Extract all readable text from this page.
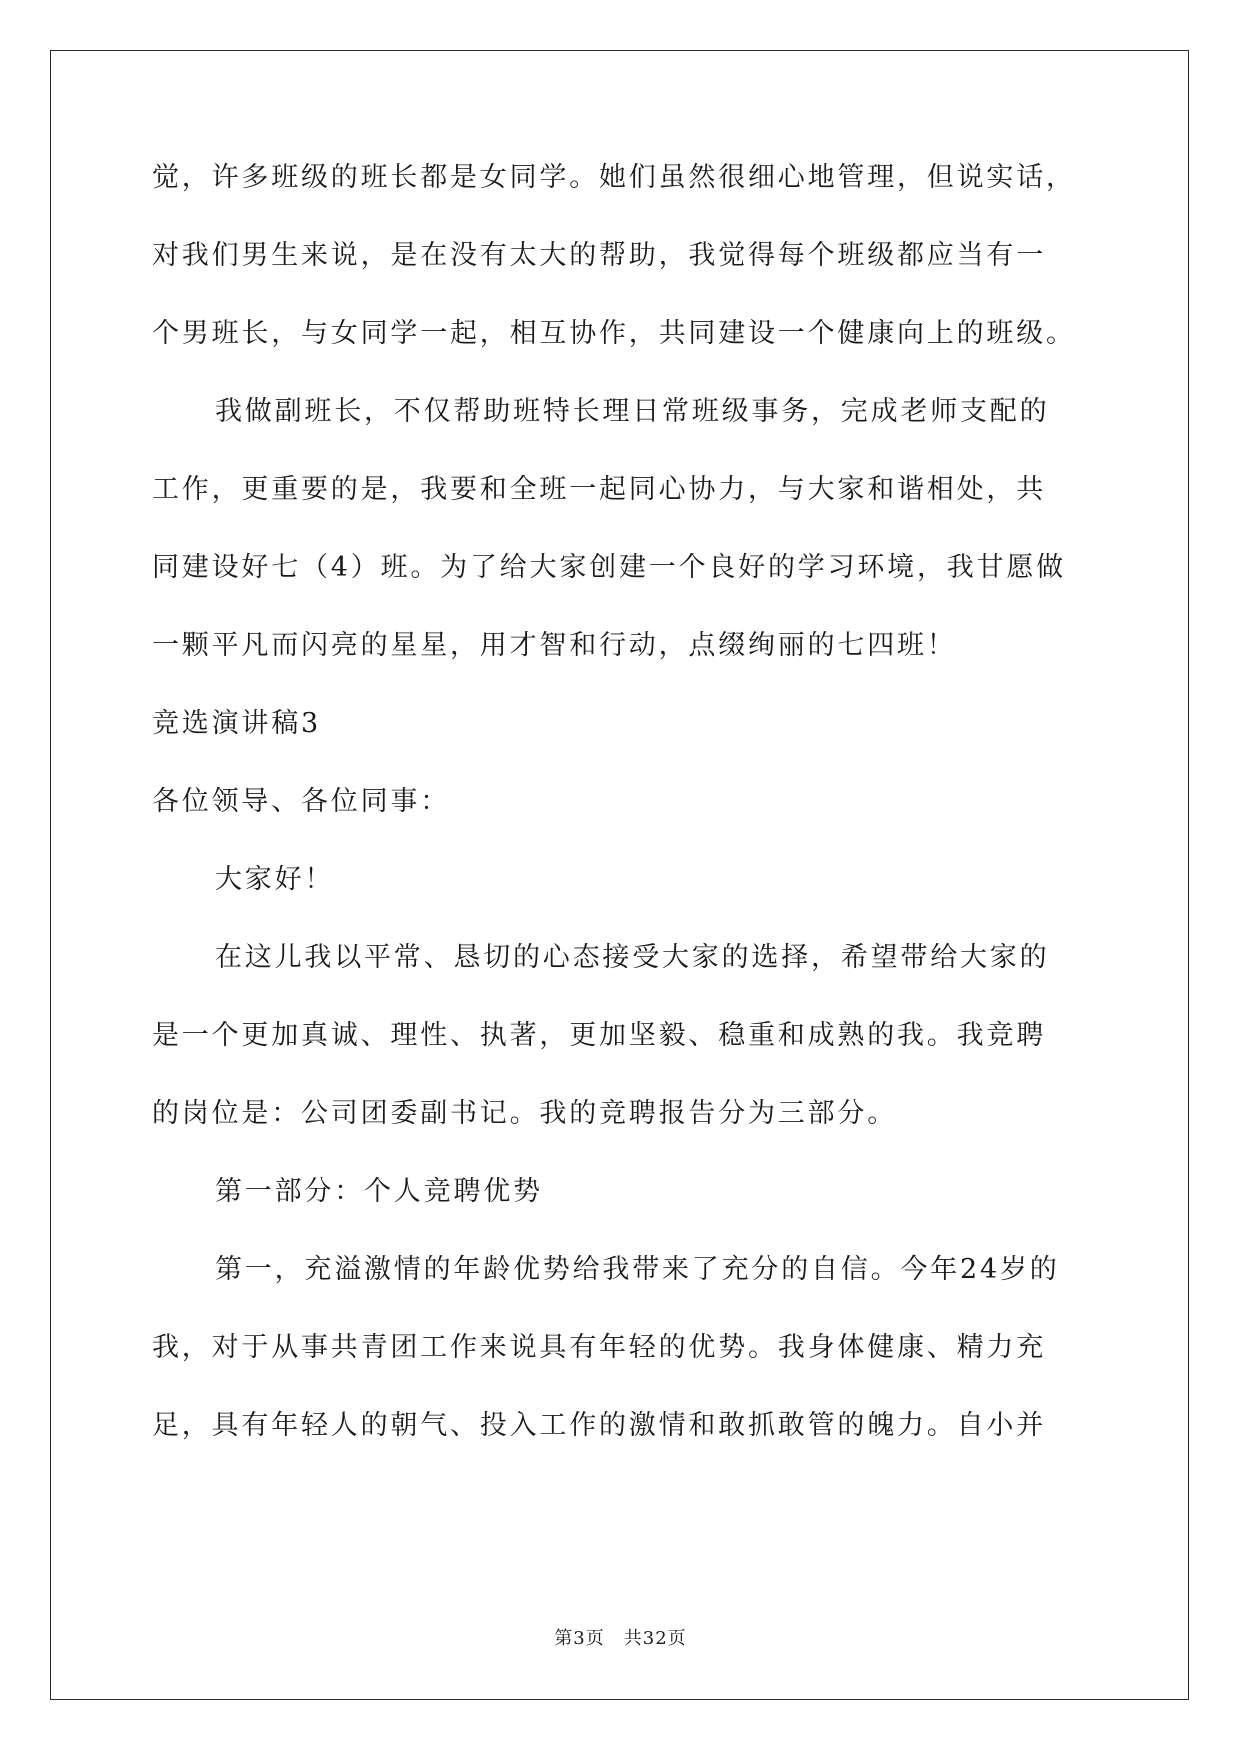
觉，许多班级的班长都是女同学。她们虽然很细心地管理，但说实话，
对我们男生来说，是在没有太大的帮助，我觉得每个班级都应当有一
个男班长，与女同学一起，相互协作，共同建设一个健康向上的班级。
我做副班长，不仅帮助班特长理日常班级事务，完成老师支配的
工作，更重要的是，我要和全班一起同心协力，与大家和谐相处，共
同建设好七（4）班。为了给大家创建一个良好的学习环境，我甘愿做
一颗平凡而闪亮的星星，用才智和行动，点缀绚丽的七四班！
竞选演讲稿3
各位领导、各位同事：
大家好！
在这儿我以平常、恳切的心态接受大家的选择，希望带给大家的
是一个更加真诚、理性、执著，更加坚毅、稳重和成熟的我。我竞聘
的岗位是：公司团委副书记。我的竞聘报告分为三部分。
第一部分：个人竞聘优势
第一，充溢激情的年龄优势给我带来了充分的自信。今年24岁的
我，对于从事共青团工作来说具有年轻的优势。我身体健康、精力充
足，具有年轻人的朝气、投入工作的激情和敢抓敢管的魄力。自小并
第3页　共32页
